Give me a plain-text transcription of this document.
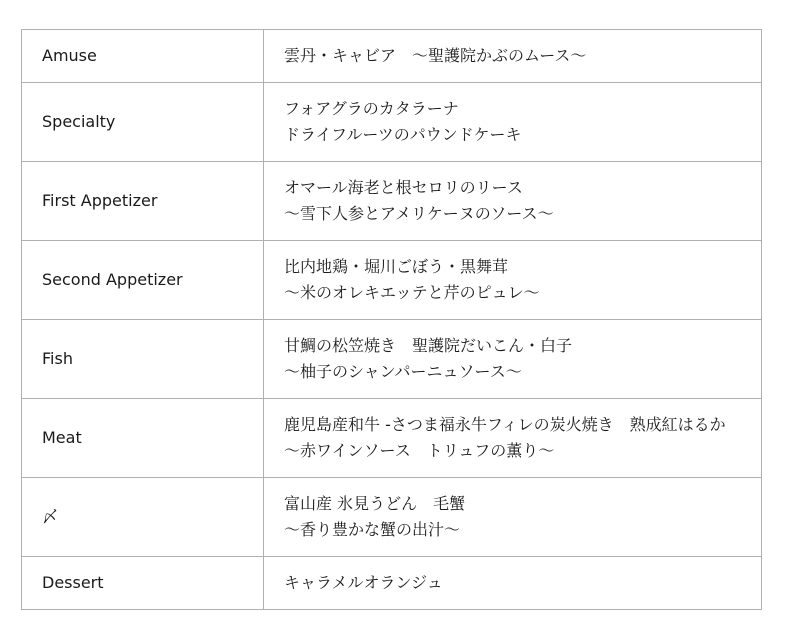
Amuse	雲丹・キャビア　〜聖護院かぶのムース〜

Specialty	フォアグラのカタラーナ
ドライフルーツのパウンドケーキ

First Appetizer	オマール海老と根セロリのリース
〜雪下人参とアメリケーヌのソース〜

Second Appetizer	比内地鶏・堀川ごぼう・黒舞茸
〜米のオレキエッテと芹のピュレ〜

Fish	甘鯛の松笠焼き　聖護院だいこん・白子
〜柚子のシャンパーニュソース〜

Meat	鹿児島産和牛 -さつま福永牛フィレの炭火焼き　熟成紅はるか
〜赤ワインソース　トリュフの薫り〜

〆	富山産 氷見うどん　毛蟹
〜香り豊かな蟹の出汁〜

Dessert	キャラメルオランジュ
